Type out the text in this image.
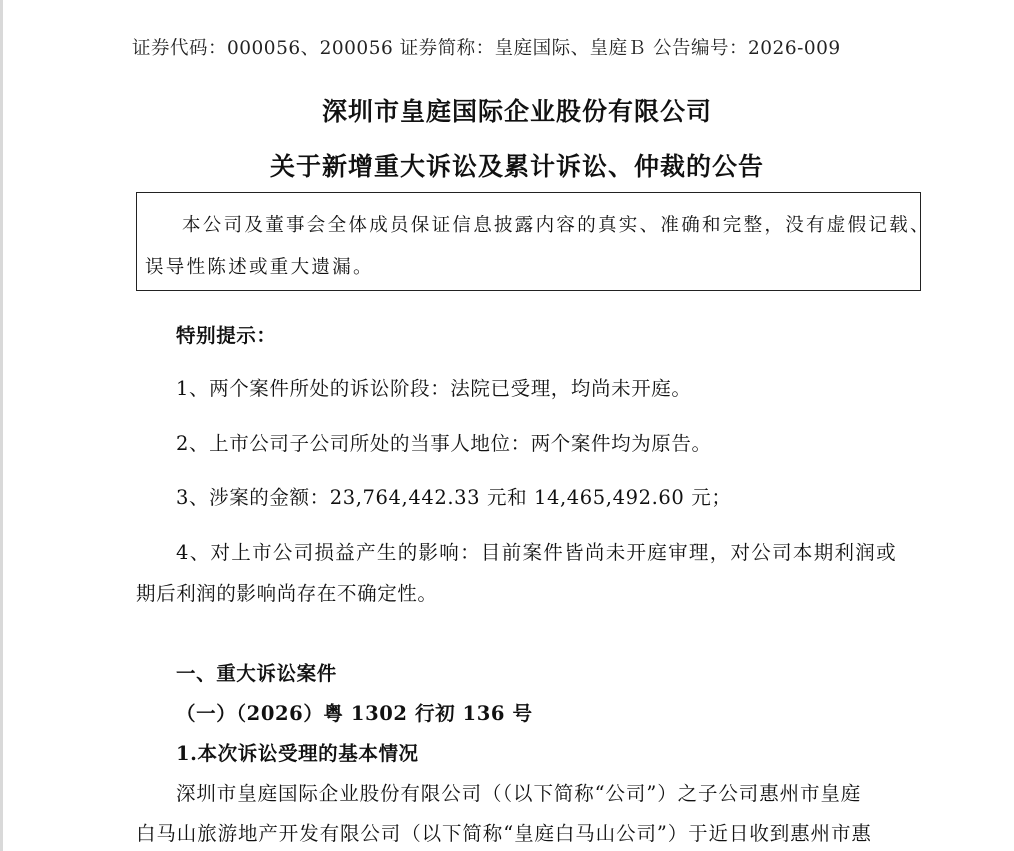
证券代码：000056、200056 证券简称：皇庭国际、皇庭Ｂ 公告编号：2026-009
深圳市皇庭国际企业股份有限公司
关于新增重大诉讼及累计诉讼、仲裁的公告
本公司及董事会全体成员保证信息披露内容的真实、准确和完整，没有虚假记载、
误导性陈述或重大遗漏。
特别提示：
1、两个案件所处的诉讼阶段：法院已受理，均尚未开庭。
2、上市公司子公司所处的当事人地位：两个案件均为原告。
3、涉案的金额：23,764,442.33 元和 14,465,492.60 元；
4、对上市公司损益产生的影响：目前案件皆尚未开庭审理，对公司本期利润或
期后利润的影响尚存在不确定性。
一、重大诉讼案件
（一）（2026）粤 1302 行初 136 号
1.本次诉讼受理的基本情况
深圳市皇庭国际企业股份有限公司（（以下简称“公司”）之子公司惠州市皇庭
白马山旅游地产开发有限公司（以下简称“皇庭白马山公司”）于近日收到惠州市惠
